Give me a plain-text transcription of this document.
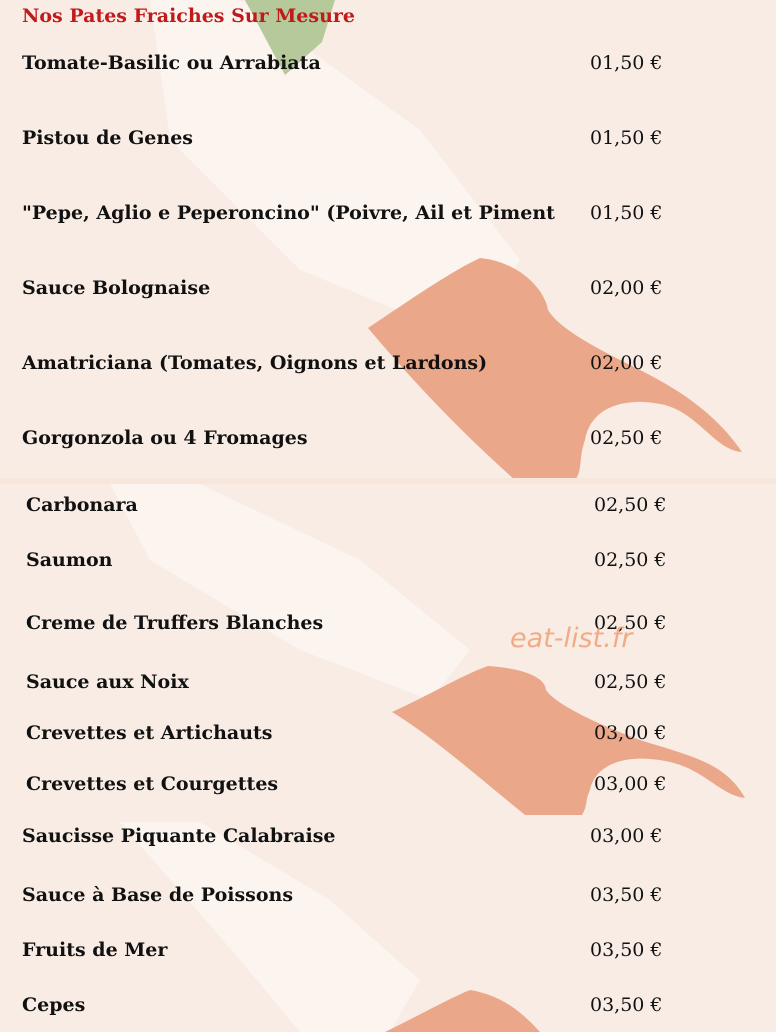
Nos Pates Fraiches Sur Mesure
Tomate-Basilic ou Arrabiata	01,50 €
Pistou de Genes	01,50 €
"Pepe, Aglio e Peperoncino" (Poivre, Ail et Piment 01,50 €
Sauce Bolognaise	02,00 €
Amatriciana (Tomates, Oignons et Lardons)	02,00 €
Gorgonzola ou 4 Fromages	02,50 €
Carbonara	02,50 €
Saumon	02,50 €
Creme de Truffers Blanches	02,50 €
Sauce aux Noix	02,50 €
Crevettes et Artichauts	03,00 €
Crevettes et Courgettes	03,00 €
Saucisse Piquante Calabraise	03,00 €
Sauce à Base de Poissons	03,50 €
Fruits de Mer	03,50 €
Cepes	03,50 €
eat-list.fr
